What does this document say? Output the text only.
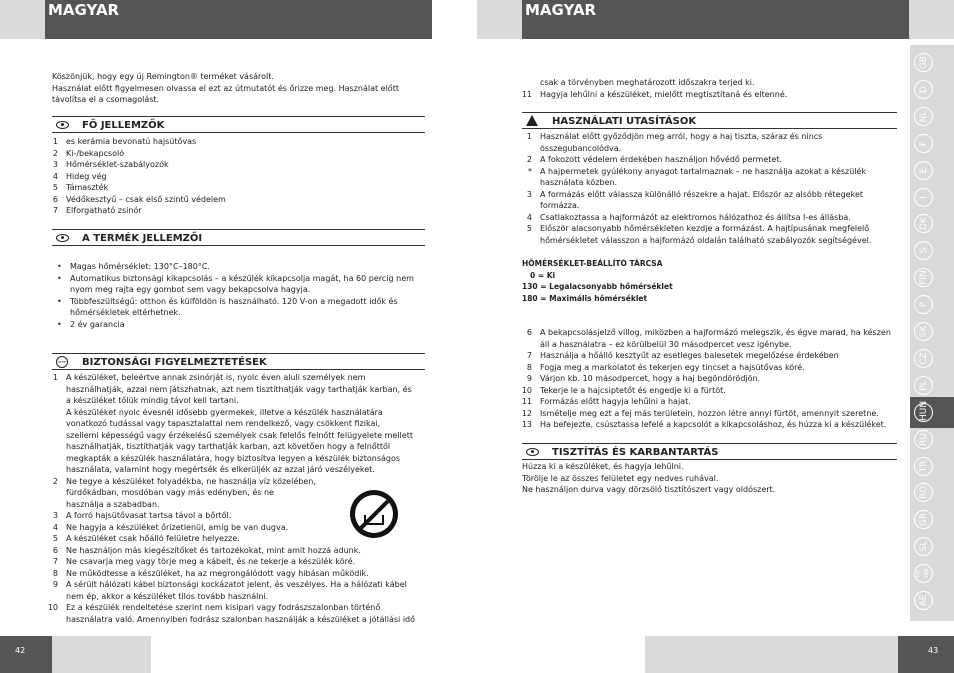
MAGYAR	MAGYAR
Köszönjük, hogy egy új Remington® terméket vásárolt.
Használat előtt figyelmesen olvassa el ezt az útmutatót és őrizze meg. Használat előtt
távolítsa el a csomagolást.
FŐ JELLEMZŐK
1 es kerámia bevonatú hajsütővas
2 Ki-/bekapcsoló
3 Hőmérséklet-szabályozók
4 Hideg vég
5 Támaszték
6 Védőkesztyű – csak első szintű védelem
7 Elforgatható zsinór
A TERMÉK JELLEMZŐI
• Magas hőmérséklet: 130°C–180°C.
• Automatikus biztonsági kikapcsolás – a készülék kikapcsolja magát, ha 60 percig nem
nyom meg rajta egy gombot sem vagy bekapcsolva hagyja.
• Többfeszültségű: otthon és külföldön is használható. 120 V-on a megadott idők és
hőmérsékletek eltérhetnek.
• 2 év garancia
STOP BIZTONSÁGI FIGYELMEZTETÉSEK
1 A készüléket, beleértve annak zsinórját is, nyolc éven aluli személyek nem
használhatják, azzal nem játszhatnak, azt nem tisztíthatják vagy tarthatják karban, és
a készüléket tőlük mindig távol kell tartani.
A készüléket nyolc évesnél idősebb gyermekek, illetve a készülék használatára
vonatkozó tudással vagy tapasztalattal nem rendelkező, vagy csökkent fizikai,
szellemi képességű vagy érzékelésű személyek csak felelős felnőtt felügyelete mellett
használhatják, tisztíthatják vagy tarthatják karban, azt követően hogy a felnőttől
megkapták a készülék használatára, hogy biztosítva legyen a készülék biztonságos
használata, valamint hogy megértsék és elkerüljék az azzal járó veszélyeket.
2 Ne tegye a készüléket folyadékba, ne használja víz közelében,
fürdőkádban, mosdóban vagy más edényben, és ne
használja a szabadban.
3 A forró hajsütővasat tartsa távol a bőrtől.
4 Ne hagyja a készüléket őrizetlenül, amíg be van dugva.
5 A készüléket csak hőálló felületre helyezze.
6 Ne használjon más kiegészítőket és tartozékokat, mint amit hozzá adunk.
7 Ne csavarja meg vagy törje meg a kábelt, és ne tekerje a készülék köré.
8 Ne működtesse a készüléket, ha az megrongálódott vagy hibásan működik.
9 A sérült hálózati kábel biztonsági kockázatot jelent, és veszélyes. Ha a hálózati kábel
nem ép, akkor a készüléket tilos tovább használni.
10 Ez a készülék rendeltetése szerint nem kisipari vagy fodrászszalonban történő
használatra való. Amennyiben fodrász szalonban használják a készüléket a jótállási idő
csak a törvényben meghatározott időszakra terjed ki.
11 Hagyja lehűlni a készüléket, mielőtt megtisztítaná és eltenné.
HASZNÁLATI UTASÍTÁSOK
1 Használat előtt győződjön meg arról, hogy a haj tiszta, száraz és nincs
összegubancolódva.
2 A fokozott védelem érdekében használjon hővédő permetet.
* A hajpermetek gyúlékony anyagot tartalmaznak – ne használja azokat a készülék
használata közben.
3 A formázás előtt válassza különálló részekre a hajat. Először az alsóbb rétegeket
formázza.
4 Csatlakoztassa a hajformázót az elektromos hálózathoz és állítsa I-es állásba.
5 Először alacsonyabb hőmérsékleten kezdje a formázást. A hajtípusának megfelelő
hőmérsékletet válasszon a hajformázó oldalán található szabályozók segítségével.
HŐMÉRSÉKLET-BEÁLLÍTÓ TÁRCSA
0 = Ki
130 = Legalacsonyabb hőmérséklet
180 = Maximális hőmérséklet
6 A bekapcsolásjelző villog, miközben a hajformázó melegszik, és égve marad, ha készen
áll a használatra – ez körülbelül 30 másodpercet vesz igénybe.
7 Használja a hőálló kesztyűt az esetleges balesetek megelőzése érdekében
8 Fogja meg a markolatot és tekerjen egy tincset a hajsütővas köré.
9 Várjon kb. 10 másodpercet, hogy a haj begöndörödjön.
10 Tekerje le a hajcsiptetőt és engedje ki a fürtöt.
11 Formázás előtt hagyja lehűlni a hajat.
12 Ismételje meg ezt a fej más területein, hozzon létre annyi fürtöt, amennyit szeretne.
13 Ha befejezte, csúsztassa lefelé a kapcsolót a kikapcsoláshoz, és húzza ki a készüléket.
TISZTÍTÁS ÉS KARBANTARTÁS
Húzza ki a készüléket, és hagyja lehűlni.
Törölje le az összes felületet egy nedves ruhával.
Ne használjon durva vagy dörzsölő tisztítószert vagy oldószert.
GB
D
NL
F
E
I
DK
S
FIN
P
SK
CZ
PL
HUN
RU
TR
RO
GR
SL
HR SRB
AE
42	43
